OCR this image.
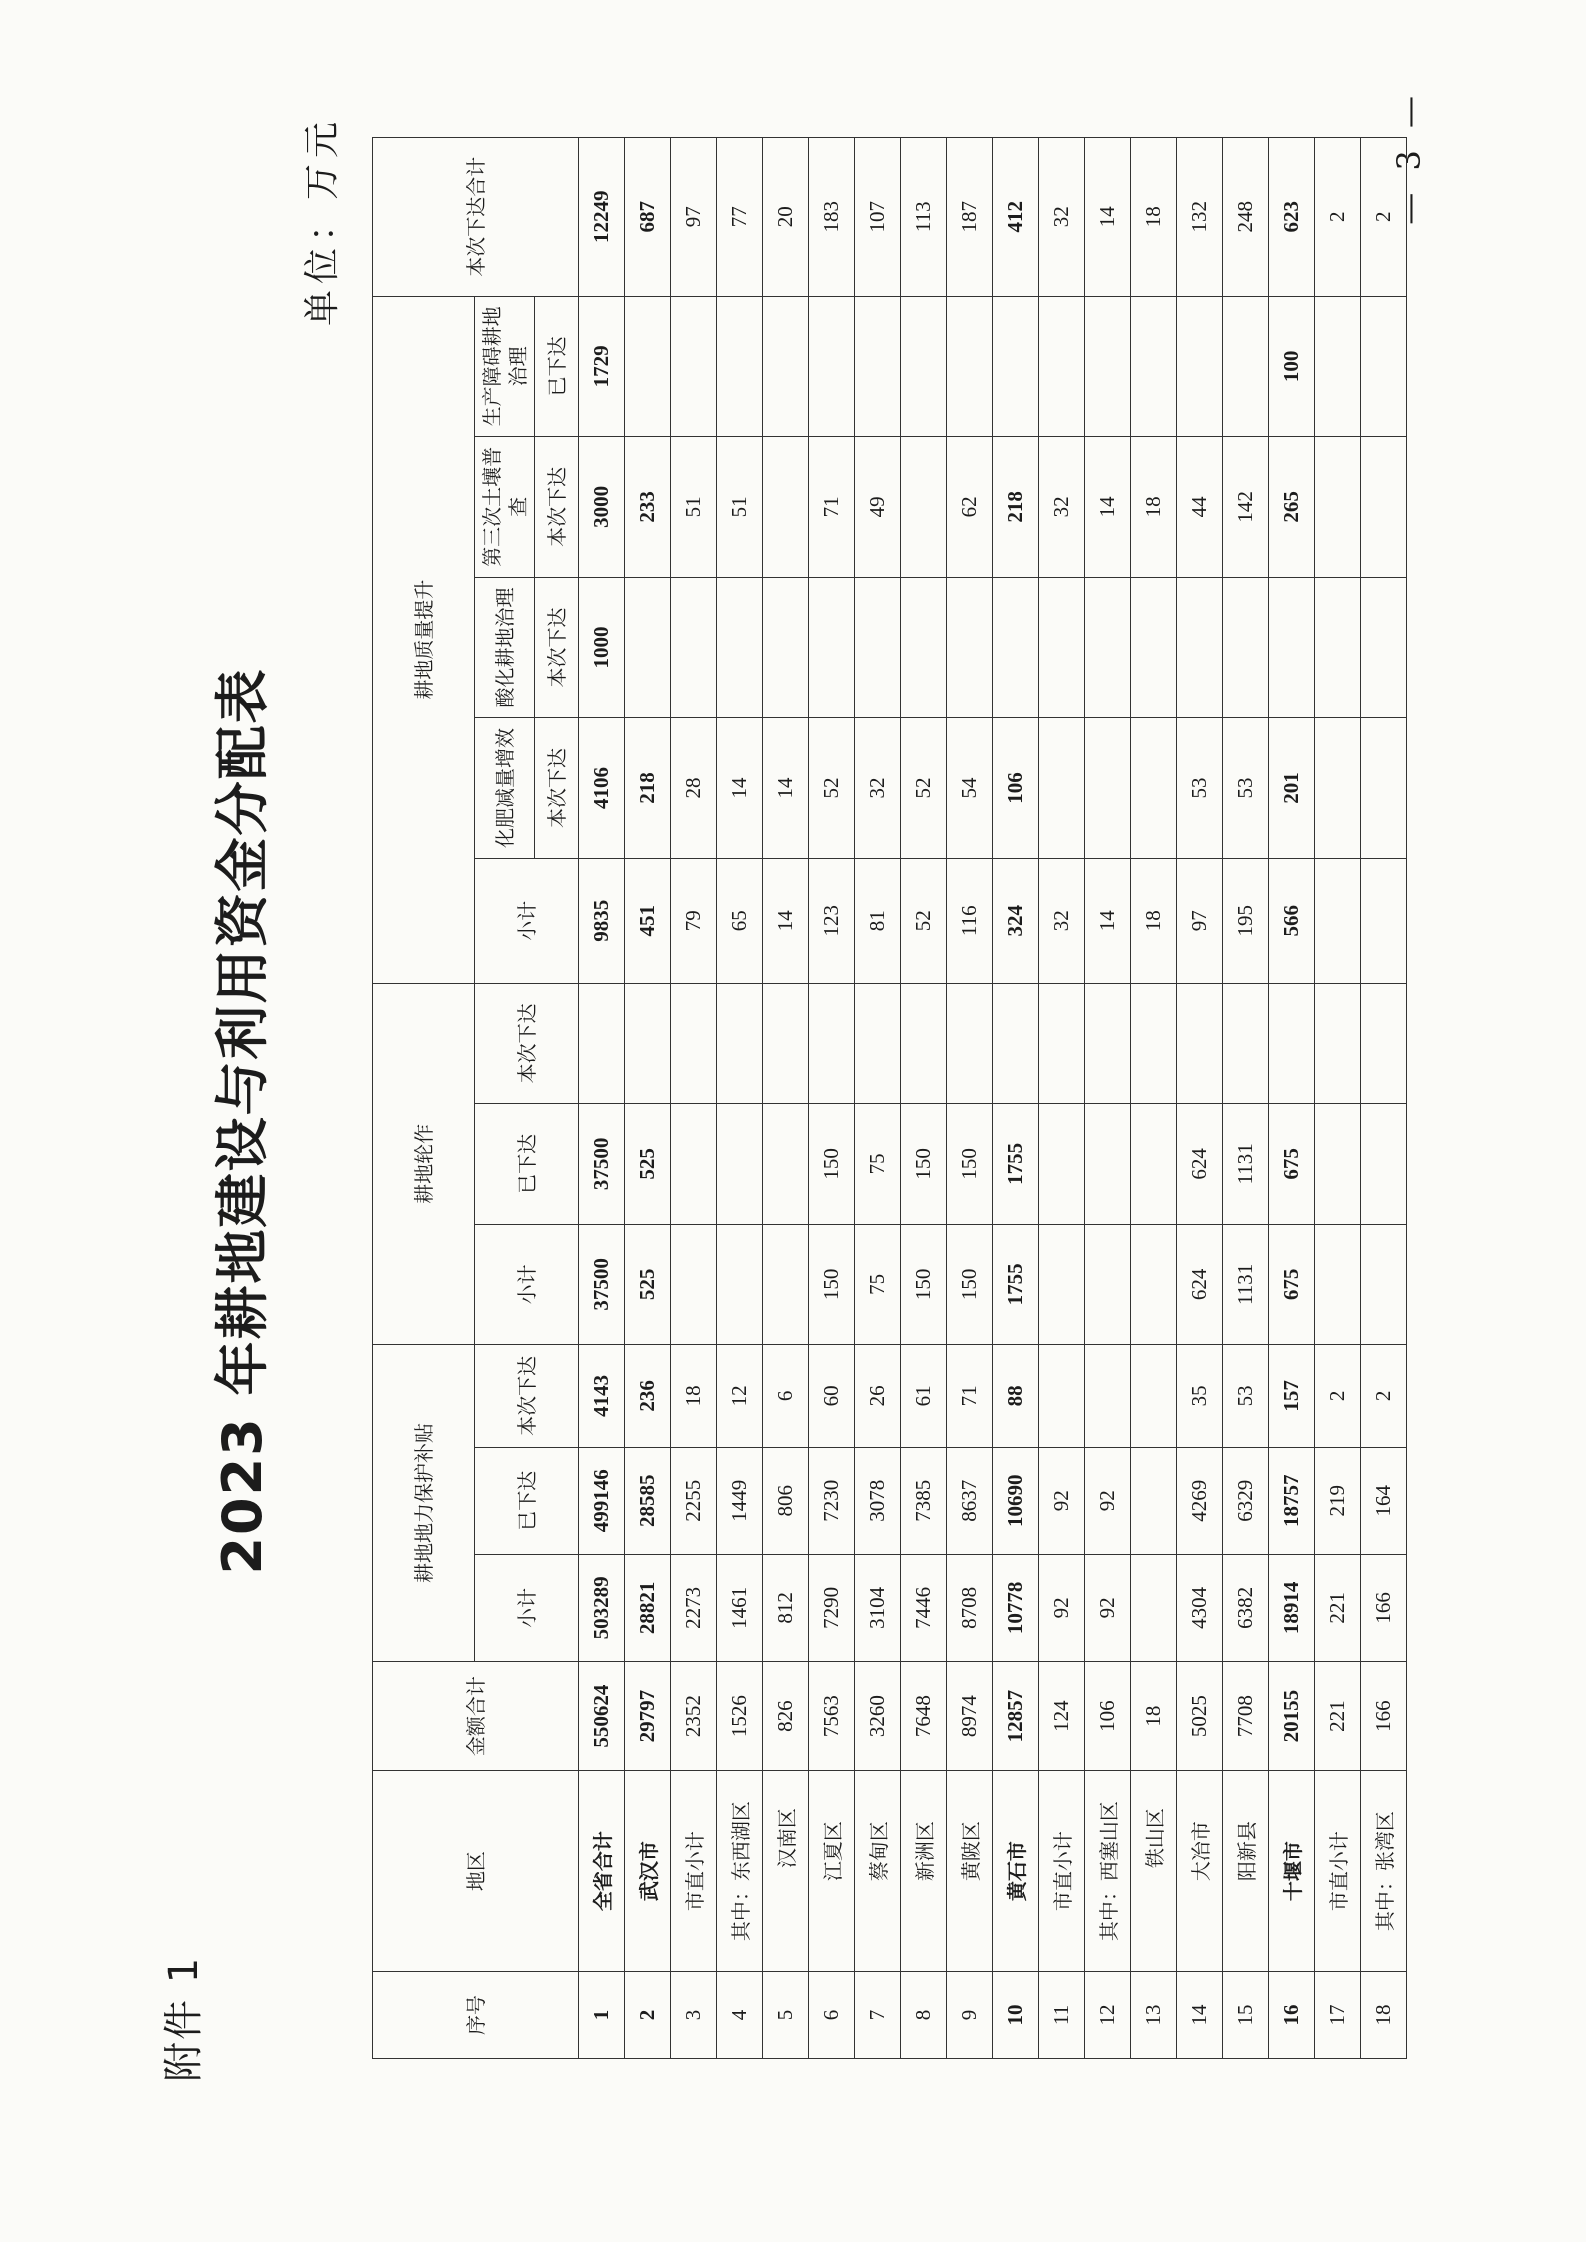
附件 1
2023 年耕地建设与利用资金分配表
单位：万元	— 3 —
序号	地区	金额合计	耕地地力保护补贴			耕地轮作			耕地质量提升					本次下达合计
			小计	已下达	本次下达	小计	已下达	本次下达	小计	化肥减量增效	酸化耕地治理	第三次土壤普查	生产障碍耕地治理	
										本次下达	本次下达	本次下达	已下达	
1	全省合计	550624	503289	499146	4143	37500	37500		9835	4106	1000	3000	1729	12249
2	武汉市	29797	28821	28585	236	525	525		451	218		233		687
3	市直小计	2352	2273	2255	18				79	28		51		97
4	其中：东西湖区	1526	1461	1449	12				65	14		51		77
5	汉南区	826	812	806	6				14	14				20
6	江夏区	7563	7290	7230	60	150	150		123	52		71		183
7	蔡甸区	3260	3104	3078	26	75	75		81	32		49		107
8	新洲区	7648	7446	7385	61	150	150		52	52				113
9	黄陂区	8974	8708	8637	71	150	150		116	54		62		187
10	黄石市	12857	10778	10690	88	1755	1755		324	106		218		412
11	市直小计	124	92	92					32			32		32
12	其中：西塞山区	106	92	92					14			14		14
13	铁山区	18							18			18		18
14	大冶市	5025	4304	4269	35	624	624		97	53		44		132
15	阳新县	7708	6382	6329	53	1131	1131		195	53		142		248
16	十堰市	20155	18914	18757	157	675	675		566	201		265	100	623
17	市直小计	221	221	219	2									2
18	其中：张湾区	166	166	164	2									2
